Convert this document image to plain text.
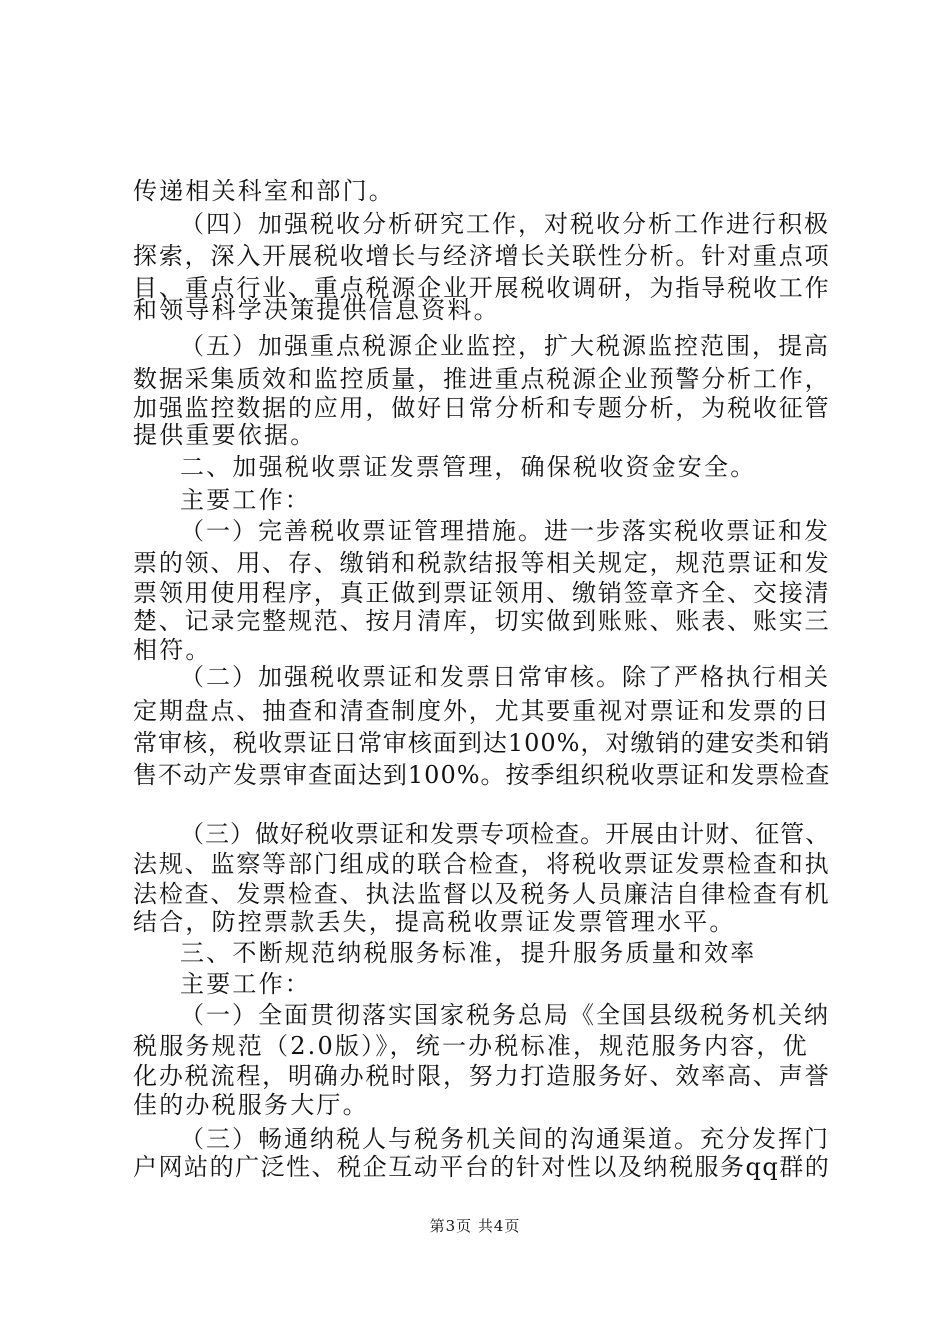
传递相关科室和部门。
（四）加强税收分析研究工作，对税收分析工作进行积极
探索，深入开展税收增长与经济增长关联性分析。针对重点项
目、重点行业、重点税源企业开展税收调研，为指导税收工作
和领导科学决策提供信息资料。
（五）加强重点税源企业监控，扩大税源监控范围，提高
数据采集质效和监控质量，推进重点税源企业预警分析工作，
加强监控数据的应用，做好日常分析和专题分析，为税收征管
提供重要依据。
二、加强税收票证发票管理，确保税收资金安全。
主要工作：
（一）完善税收票证管理措施。进一步落实税收票证和发
票的领、用、存、缴销和税款结报等相关规定，规范票证和发
票领用使用程序，真正做到票证领用、缴销签章齐全、交接清
楚、记录完整规范、按月清库，切实做到账账、账表、账实三
相符。
（二）加强税收票证和发票日常审核。除了严格执行相关
定期盘点、抽查和清查制度外，尤其要重视对票证和发票的日
常审核，税收票证日常审核面到达100%，对缴销的建安类和销
售不动产发票审查面达到100%。按季组织税收票证和发票检查
（三）做好税收票证和发票专项检查。开展由计财、征管、
法规、监察等部门组成的联合检查，将税收票证发票检查和执
法检查、发票检查、执法监督以及税务人员廉洁自律检查有机
结合，防控票款丢失，提高税收票证发票管理水平。
三、不断规范纳税服务标准，提升服务质量和效率
主要工作：
（一）全面贯彻落实国家税务总局《全国县级税务机关纳
税服务规范（2.0版）》，统一办税标准，规范服务内容，优
化办税流程，明确办税时限，努力打造服务好、效率高、声誉
佳的办税服务大厅。
（三）畅通纳税人与税务机关间的沟通渠道。充分发挥门
户网站的广泛性、税企互动平台的针对性以及纳税服务qq群的
第3页 共4页
